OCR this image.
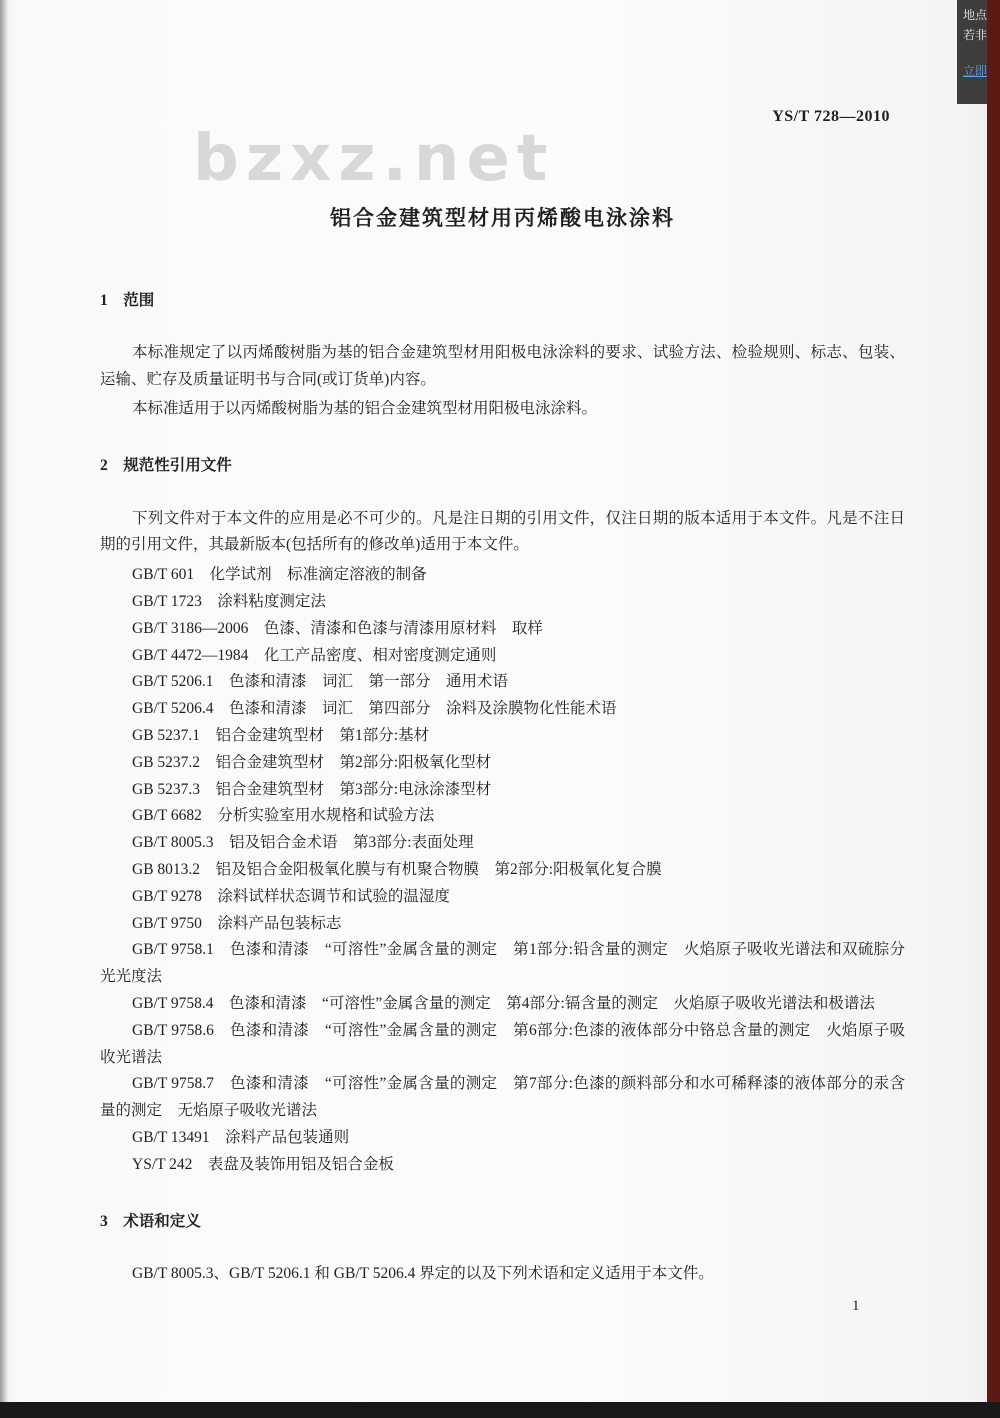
bzxz.net
YS/T 728—2010
铝合金建筑型材用丙烯酸电泳涂料
1　范围

本标准规定了以丙烯酸树脂为基的铝合金建筑型材用阳极电泳涂料的要求、试验方法、检验规则、标志、包装、运输、贮存及质量证明书与合同(或订货单)内容。

本标准适用于以丙烯酸树脂为基的铝合金建筑型材用阳极电泳涂料。

2　规范性引用文件

下列文件对于本文件的应用是必不可少的。凡是注日期的引用文件，仅注日期的版本适用于本文件。凡是不注日期的引用文件，其最新版本(包括所有的修改单)适用于本文件。

GB/T 601　化学试剂　标准滴定溶液的制备

GB/T 1723　涂料粘度测定法

GB/T 3186—2006　色漆、清漆和色漆与清漆用原材料　取样

GB/T 4472—1984　化工产品密度、相对密度测定通则

GB/T 5206.1　色漆和清漆　词汇　第一部分　通用术语

GB/T 5206.4　色漆和清漆　词汇　第四部分　涂料及涂膜物化性能术语

GB 5237.1　铝合金建筑型材　第1部分:基材

GB 5237.2　铝合金建筑型材　第2部分:阳极氧化型材

GB 5237.3　铝合金建筑型材　第3部分:电泳涂漆型材

GB/T 6682　分析实验室用水规格和试验方法

GB/T 8005.3　铝及铝合金术语　第3部分:表面处理

GB 8013.2　铝及铝合金阳极氧化膜与有机聚合物膜　第2部分:阳极氧化复合膜

GB/T 9278　涂料试样状态调节和试验的温湿度

GB/T 9750　涂料产品包装标志

GB/T 9758.1　色漆和清漆　“可溶性”金属含量的测定　第1部分:铅含量的测定　火焰原子吸收光谱法和双硫腙分光光度法

GB/T 9758.4　色漆和清漆　“可溶性”金属含量的测定　第4部分:镉含量的测定　火焰原子吸收光谱法和极谱法

GB/T 9758.6　色漆和清漆　“可溶性”金属含量的测定　第6部分:色漆的液体部分中铬总含量的测定　火焰原子吸收光谱法

GB/T 9758.7　色漆和清漆　“可溶性”金属含量的测定　第7部分:色漆的颜料部分和水可稀释漆的液体部分的汞含量的测定　无焰原子吸收光谱法

GB/T 13491　涂料产品包装通则

YS/T 242　表盘及装饰用铝及铝合金板

3　术语和定义

GB/T 8005.3、GB/T 5206.1 和 GB/T 5206.4 界定的以及下列术语和定义适用于本文件。

1
地点
若非
立即
